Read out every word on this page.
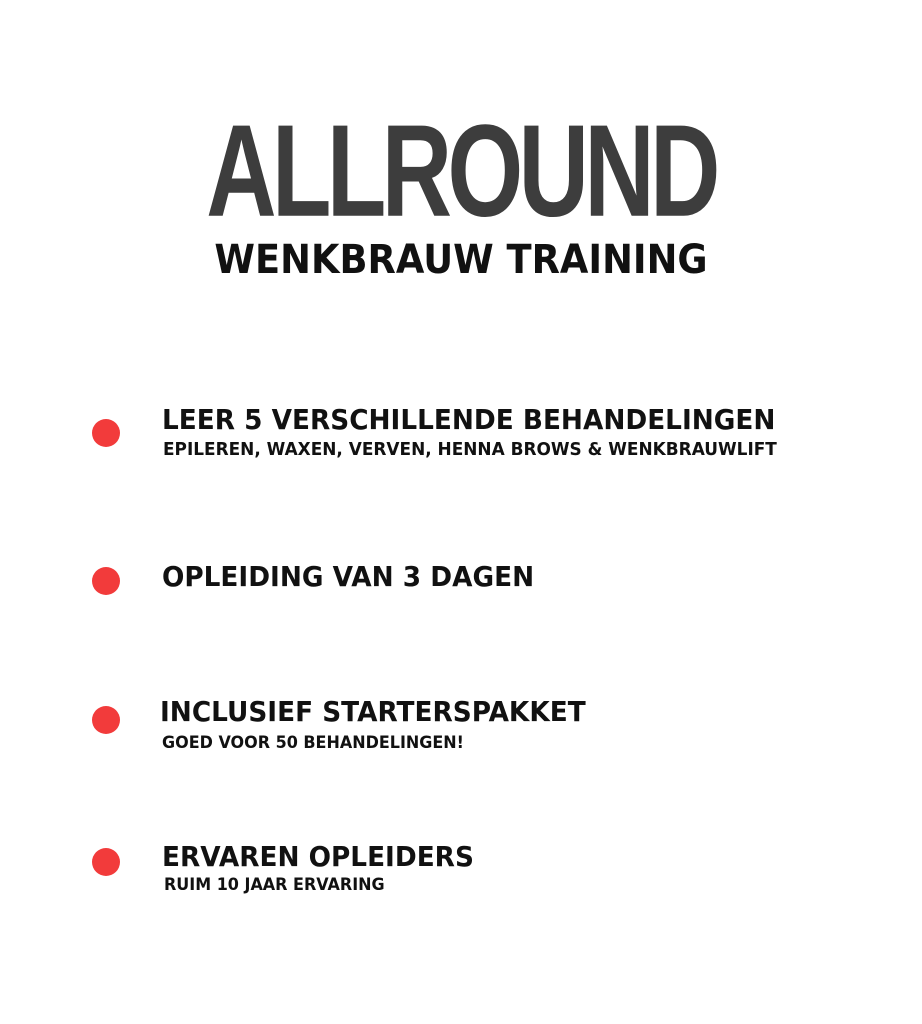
ALLROUND
WENKBRAUW TRAINING
LEER 5 VERSCHILLENDE BEHANDELINGEN
EPILEREN, WAXEN, VERVEN, HENNA BROWS & WENKBRAUWLIFT
OPLEIDING VAN 3 DAGEN
INCLUSIEF STARTERSPAKKET
GOED VOOR 50 BEHANDELINGEN!
ERVAREN OPLEIDERS
RUIM 10 JAAR ERVARING
